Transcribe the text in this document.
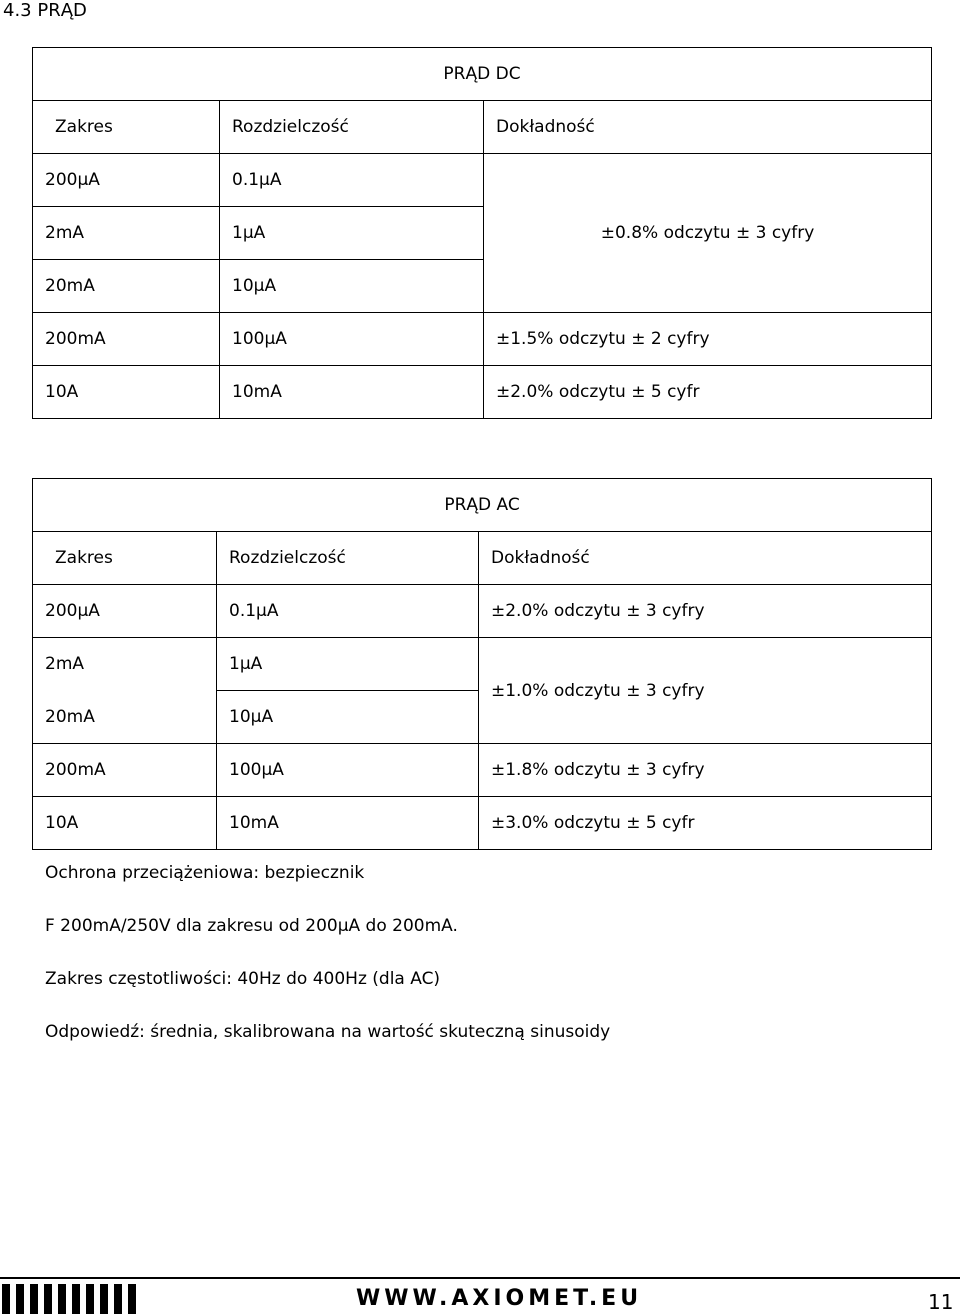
4.3 PRĄD
PRĄD DC		
Zakres	Rozdzielczość	Dokładność
200µA	0.1µA	±0.8% odczytu ± 3 cyfry
2mA	1µA	
20mA	10µA	
200mA	100µA	±1.5% odczytu ± 2 cyfry
10A	10mA	±2.0% odczytu ± 5 cyfr
PRĄD AC		
Zakres	Rozdzielczość	Dokładność
200µA	0.1µA	±2.0% odczytu ± 3 cyfry
2mA	1µA	±1.0% odczytu ± 3 cyfry
20mA	10µA	
200mA	100µA	±1.8% odczytu ± 3 cyfry
10A	10mA	±3.0% odczytu ± 5 cyfr
Ochrona przeciążeniowa: bezpiecznik
F 200mA/250V dla zakresu od 200µA do 200mA.
Zakres częstotliwości: 40Hz do 400Hz (dla AC)
Odpowiedź: średnia, skalibrowana na wartość skuteczną sinusoidy
WWW.AXIOMET.EU	11
